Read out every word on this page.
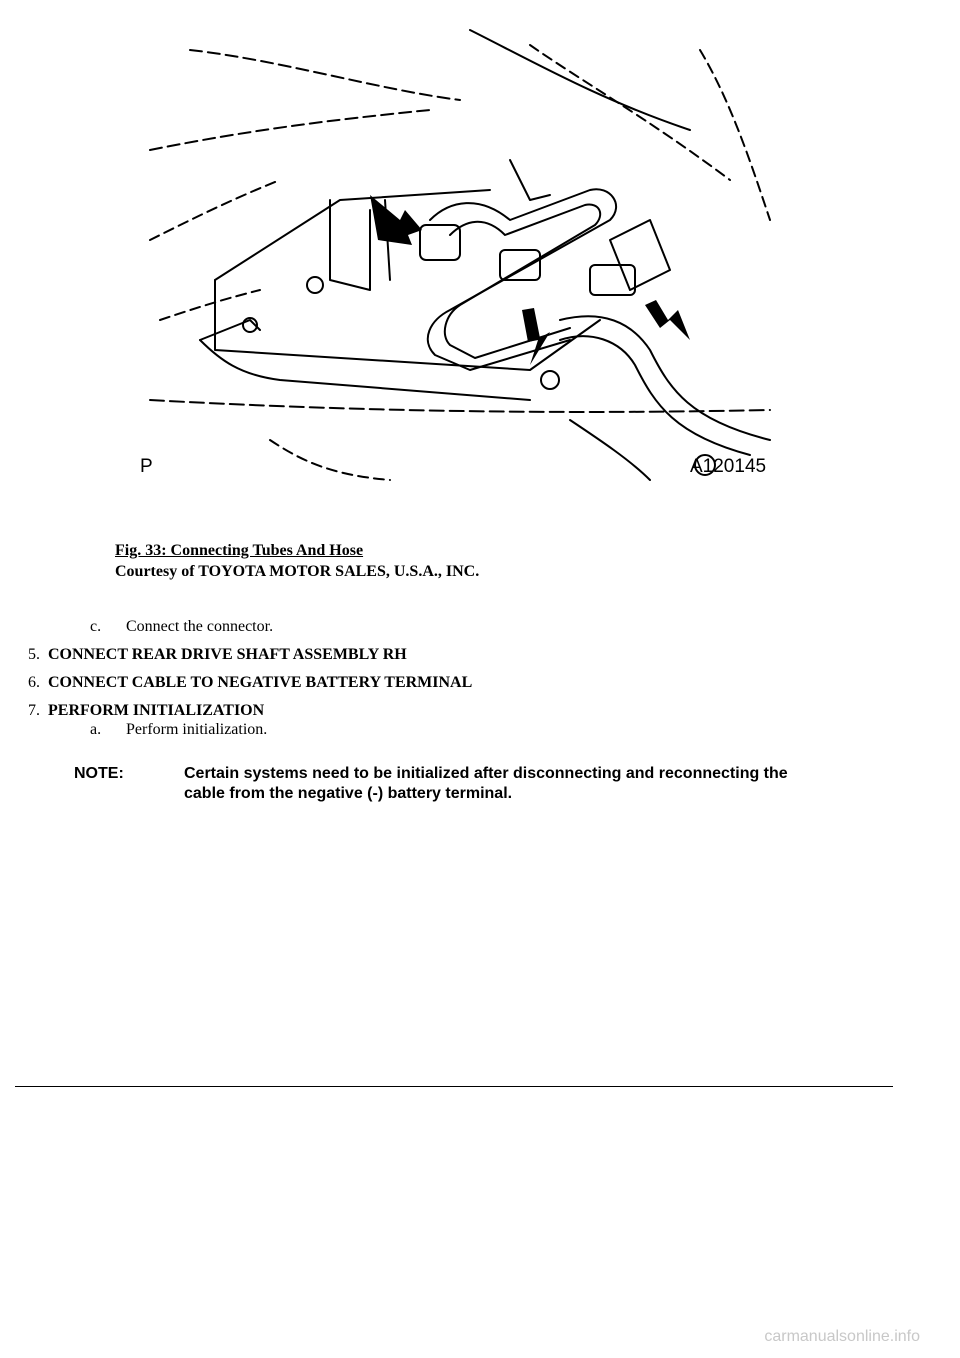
P	A120145
Fig. 33: Connecting Tubes And Hose
Courtesy of TOYOTA MOTOR SALES, U.S.A., INC.
c. Connect the connector.
5. CONNECT REAR DRIVE SHAFT ASSEMBLY RH
6. CONNECT CABLE TO NEGATIVE BATTERY TERMINAL
7. PERFORM INITIALIZATION
a. Perform initialization.
NOTE:	Certain systems need to be initialized after disconnecting and reconnecting the cable from the negative (-) battery terminal.
carmanualsonline.info
